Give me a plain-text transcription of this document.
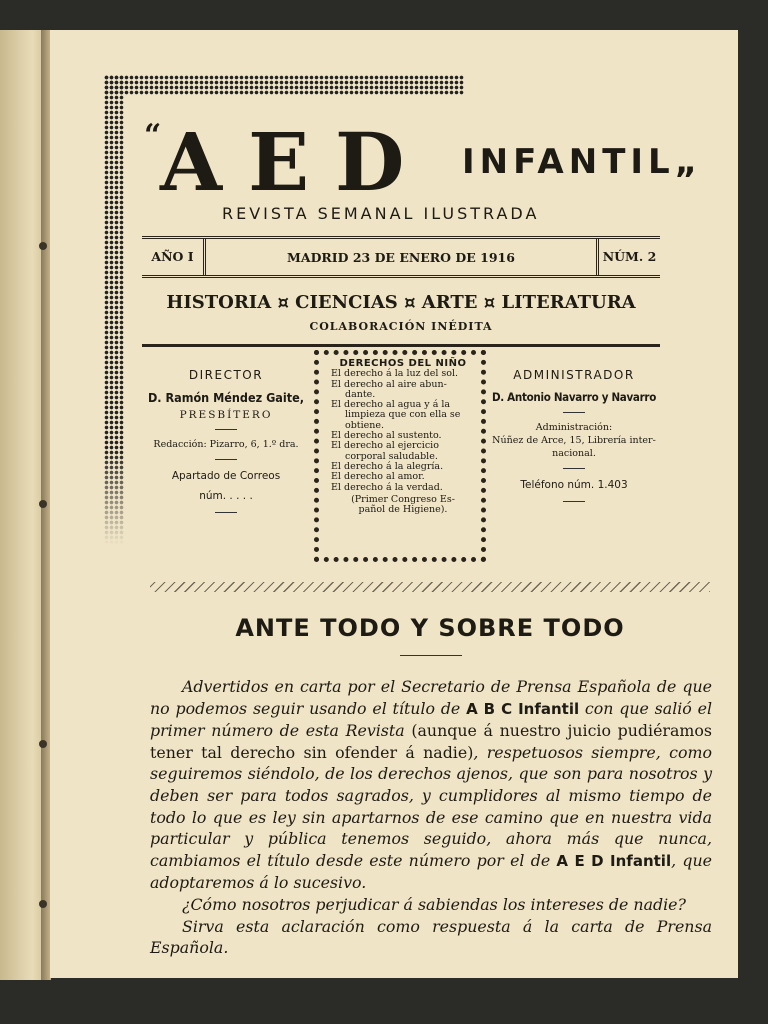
“
AED INFANTIL„
REVISTA SEMANAL ILUSTRADA
AÑO I	MADRID 23 DE ENERO DE 1916	NÚM. 2
HISTORIA ¤ CIENCIAS ¤ ARTE ¤ LITERATURA
COLABORACIÓN INÉDITA
DIRECTOR
D. Ramón Méndez Gaite,
PRESBÍTERO
Redacción: Pizarro, 6, 1.º dra.
Apartado de Correos
núm. . . . .
DERECHOS DEL NIÑO
El derecho á la luz del sol.
El derecho al aire abun-
dante.
El derecho al agua y á la
limpieza que con ella se
obtiene.
El derecho al sustento.
El derecho al ejercicio
corporal saludable.
El derecho á la alegría.
El derecho al amor.
El derecho á la verdad.
(Primer Congreso Es-
pañol de Higiene).
ADMINISTRADOR
D. Antonio Navarro y Navarro
Administración:
Núñez de Arce, 15, Librería inter-
nacional.
Teléfono núm. 1.403
ANTE TODO Y SOBRE TODO

Advertidos en carta por el Secretario de Prensa Española de que no podemos seguir usando el título de A B C Infantil con que salió el primer número de esta Revista (aunque á nuestro juicio pudiéramos tener tal derecho sin ofender á nadie), respetuosos siempre, como seguiremos siéndolo, de los derechos ajenos, que son para nosotros y deben ser para todos sagrados, y cumplidores al mismo tiempo de todo lo que es ley sin apartarnos de ese camino que en nuestra vida particular y pública tenemos seguido, ahora más que nunca, cambiamos el título desde este número por el de A E D Infantil, que adoptaremos á lo sucesivo.

¿Cómo nosotros perjudicar á sabiendas los intereses de nadie?

Sirva esta aclaración como respuesta á la carta de Prensa Española.
